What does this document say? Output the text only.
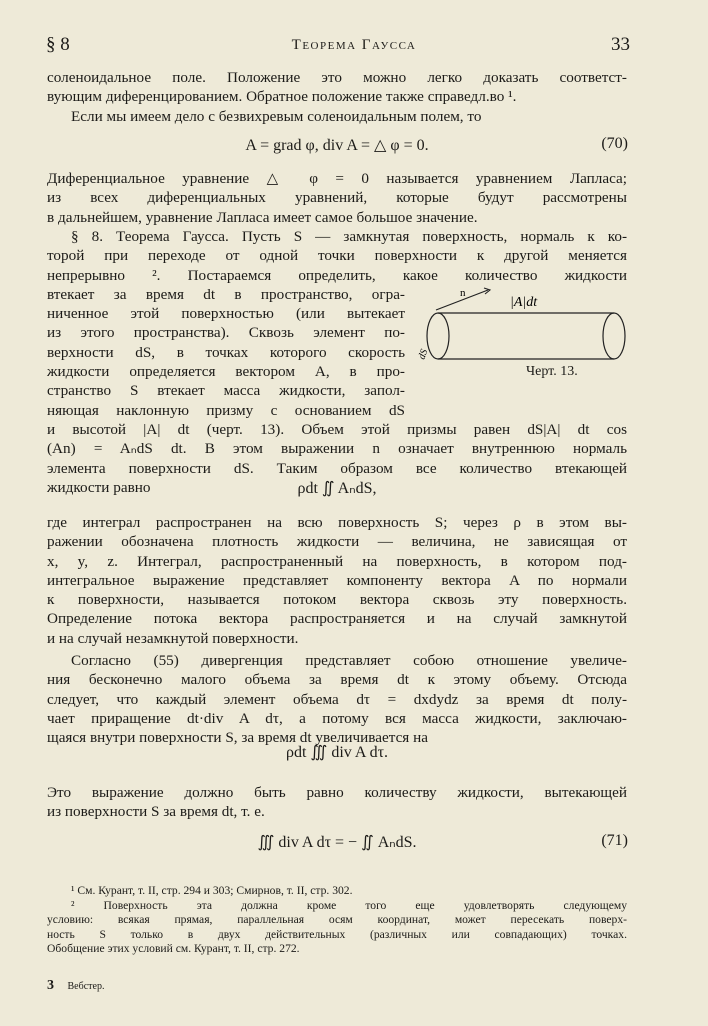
§ 8	Теорема Гаусса	33
соленоидальное поле. Положение это можно легко доказать соответст-
вующим диференцированием. Обратное положение также справедл.во ¹.
Если мы имеем дело с безвихревым соленоидальным полем, то
A = grad φ, div A = △ φ = 0.	(70)
Диференциальное уравнение △ φ = 0 называется уравнением Лапласа;
из всех диференциальных уравнений, которые будут рассмотрены
в дальнейшем, уравнение Лапласа имеет самое большое значение.
§ 8. Теорема Гаусса. Пусть S — замкнутая поверхность, нормаль к ко-
торой при переходе от одной точки поверхности к другой меняется
непрерывно ². Постараемся определить, какое количество жидкости
втекает за время dt в пространство, огра-
ниченное этой поверхностью (или вытекает
из этого пространства). Сквозь элемент по-
верхности dS, в точках которого скорость
жидкости определяется вектором A, в про-
странство S втекает масса жидкости, запол-
няющая наклонную призму с основанием dS
и высотой |A| dt (черт. 13). Объем этой призмы равен dS|A| dt cos
(An) = AₙdS dt. В этом выражении n означает внутреннюю нормаль
элемента поверхности dS. Таким образом все количество втекающей
жидкости равно
|A|dt
n
dS
Черт. 13.
ρdt ∬ AₙdS,
где интеграл распространен на всю поверхность S; через ρ в этом вы-
ражении обозначена плотность жидкости — величина, не зависящая от
x, y, z. Интеграл, распространенный на поверхность, в котором под-
интегральное выражение представляет компоненту вектора A по нормали
к поверхности, называется потоком вектора сквозь эту поверхность.
Определение потока вектора распространяется и на случай замкнутой
и на случай незамкнутой поверхности.
Согласно (55) дивергенция представляет собою отношение увеличе-
ния бесконечно малого объема за время dt к этому объему. Отсюда
следует, что каждый элемент объема dτ = dxdydz за время dt полу-
чает приращение dt·div A dτ, а потому вся масса жидкости, заключаю-
щаяся внутри поверхности S, за время dt увеличивается на
ρdt ∭ div A dτ.
Это выражение должно быть равно количеству жидкости, вытекающей
из поверхности S за время dt, т. е.
∭ div A dτ = − ∬ AₙdS.	(71)
¹ См. Курант, т. II, стр. 294 и 303; Смирнов, т. II, стр. 302.
² Поверхность эта должна кроме того еще удовлетворять следующему
условию: всякая прямая, параллельная осям координат, может пересекать поверх-
ность S только в двух действительных (различных или совпадающих) точках.
Обобщение этих условий см. Курант, т. II, стр. 272.
3 Вебстер.
